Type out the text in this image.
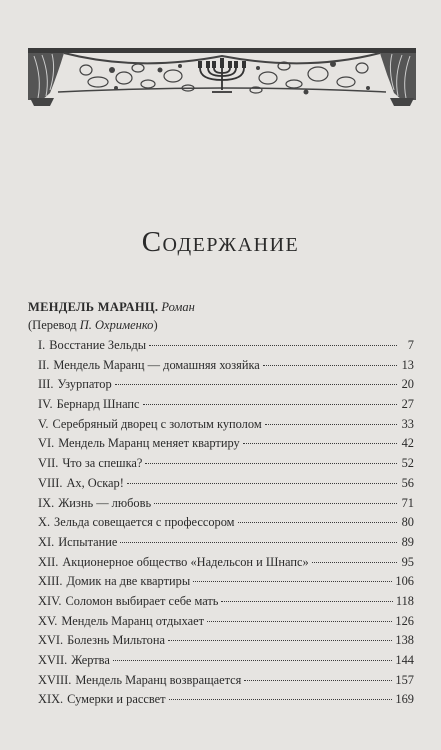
Содержание
МЕНДЕЛЬ МАРАНЦ. Роман
(Перевод П. Охрименко)
I. Восстание Зельды	7
II. Мендель Маранц — домашняя хозяйка	13
III. Узурпатор	20
IV. Бернард Шнапс	27
V. Серебряный дворец с золотым куполом	33
VI. Мендель Маранц меняет квартиру	42
VII. Что за спешка?	52
VIII. Ах, Оскар!	56
IX. Жизнь — любовь	71
X. Зельда совещается с профессором	80
XI. Испытание	89
XII. Акционерное общество «Надельсон и Шнапс»	95
XIII. Домик на две квартиры	106
XIV. Соломон выбирает себе мать	118
XV. Мендель Маранц отдыхает	126
XVI. Болезнь Мильтона	138
XVII. Жертва	144
XVIII. Мендель Маранц возвращается	157
XIX. Сумерки и рассвет	169
